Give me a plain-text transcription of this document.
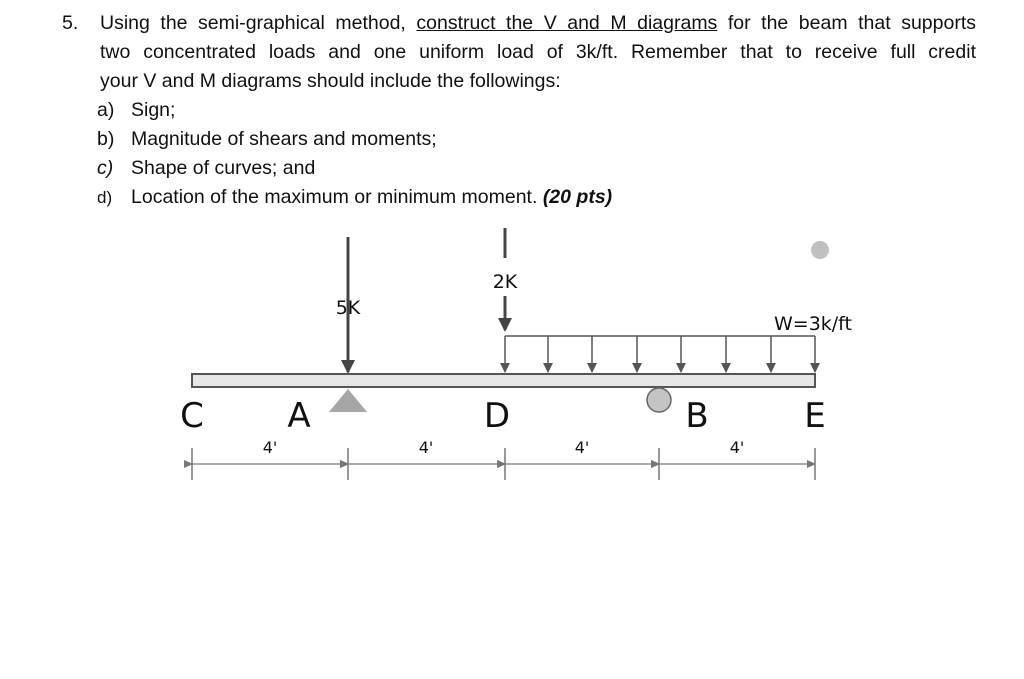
5. Using the semi-graphical method, construct the V and M diagrams for the beam that supports
two concentrated loads and one uniform load of 3k/ft. Remember that to receive full credit
your V and M diagrams should include the followings:
a) Sign;
b) Magnitude of shears and moments;
c) Shape of curves; and
d) Location of the maximum or minimum moment. (20 pts)
5K
2K
W=3k/ft
C A	D	B	E
4'	4'	4'	4'
